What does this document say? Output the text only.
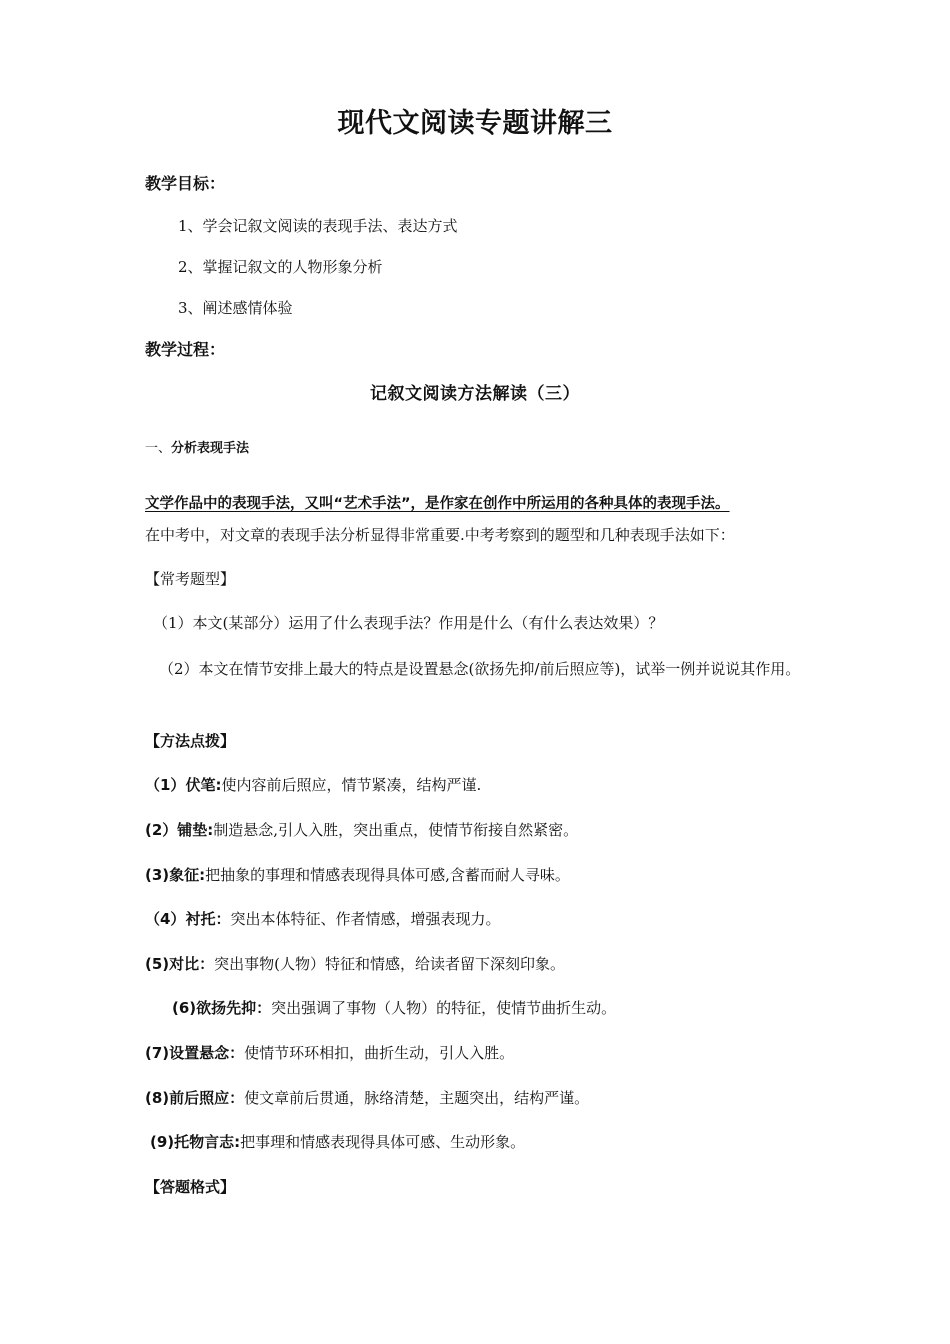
现代文阅读专题讲解三
教学目标：
1、学会记叙文阅读的表现手法、表达方式
2、掌握记叙文的人物形象分析
3、阐述感情体验
教学过程：
记叙文阅读方法解读（三）
一、分析表现手法
文学作品中的表现手法，又叫“艺术手法”，是作家在创作中所运用的各种具体的表现手法。
在中考中，对文章的表现手法分析显得非常重要.中考考察到的题型和几种表现手法如下：
【常考题型】
（1）本文(某部分）运用了什么表现手法？作用是什么（有什么表达效果）？
（2）本文在情节安排上最大的特点是设置悬念(欲扬先抑/前后照应等)，试举一例并说说其作用。
【方法点拨】
（1）伏笔:使内容前后照应，情节紧凑，结构严谨.
(2）铺垫:制造悬念,引人入胜，突出重点，使情节衔接自然紧密。
(3)象征:把抽象的事理和情感表现得具体可感,含蓄而耐人寻味。
（4）衬托：突出本体特征、作者情感，增强表现力。
(5)对比：突出事物(人物）特征和情感，给读者留下深刻印象。
(6)欲扬先抑：突出强调了事物（人物）的特征，使情节曲折生动。
(7)设置悬念：使情节环环相扣，曲折生动，引人入胜。
(8)前后照应：使文章前后贯通，脉络清楚，主题突出，结构严谨。
(9)托物言志:把事理和情感表现得具体可感、生动形象。
【答题格式】
